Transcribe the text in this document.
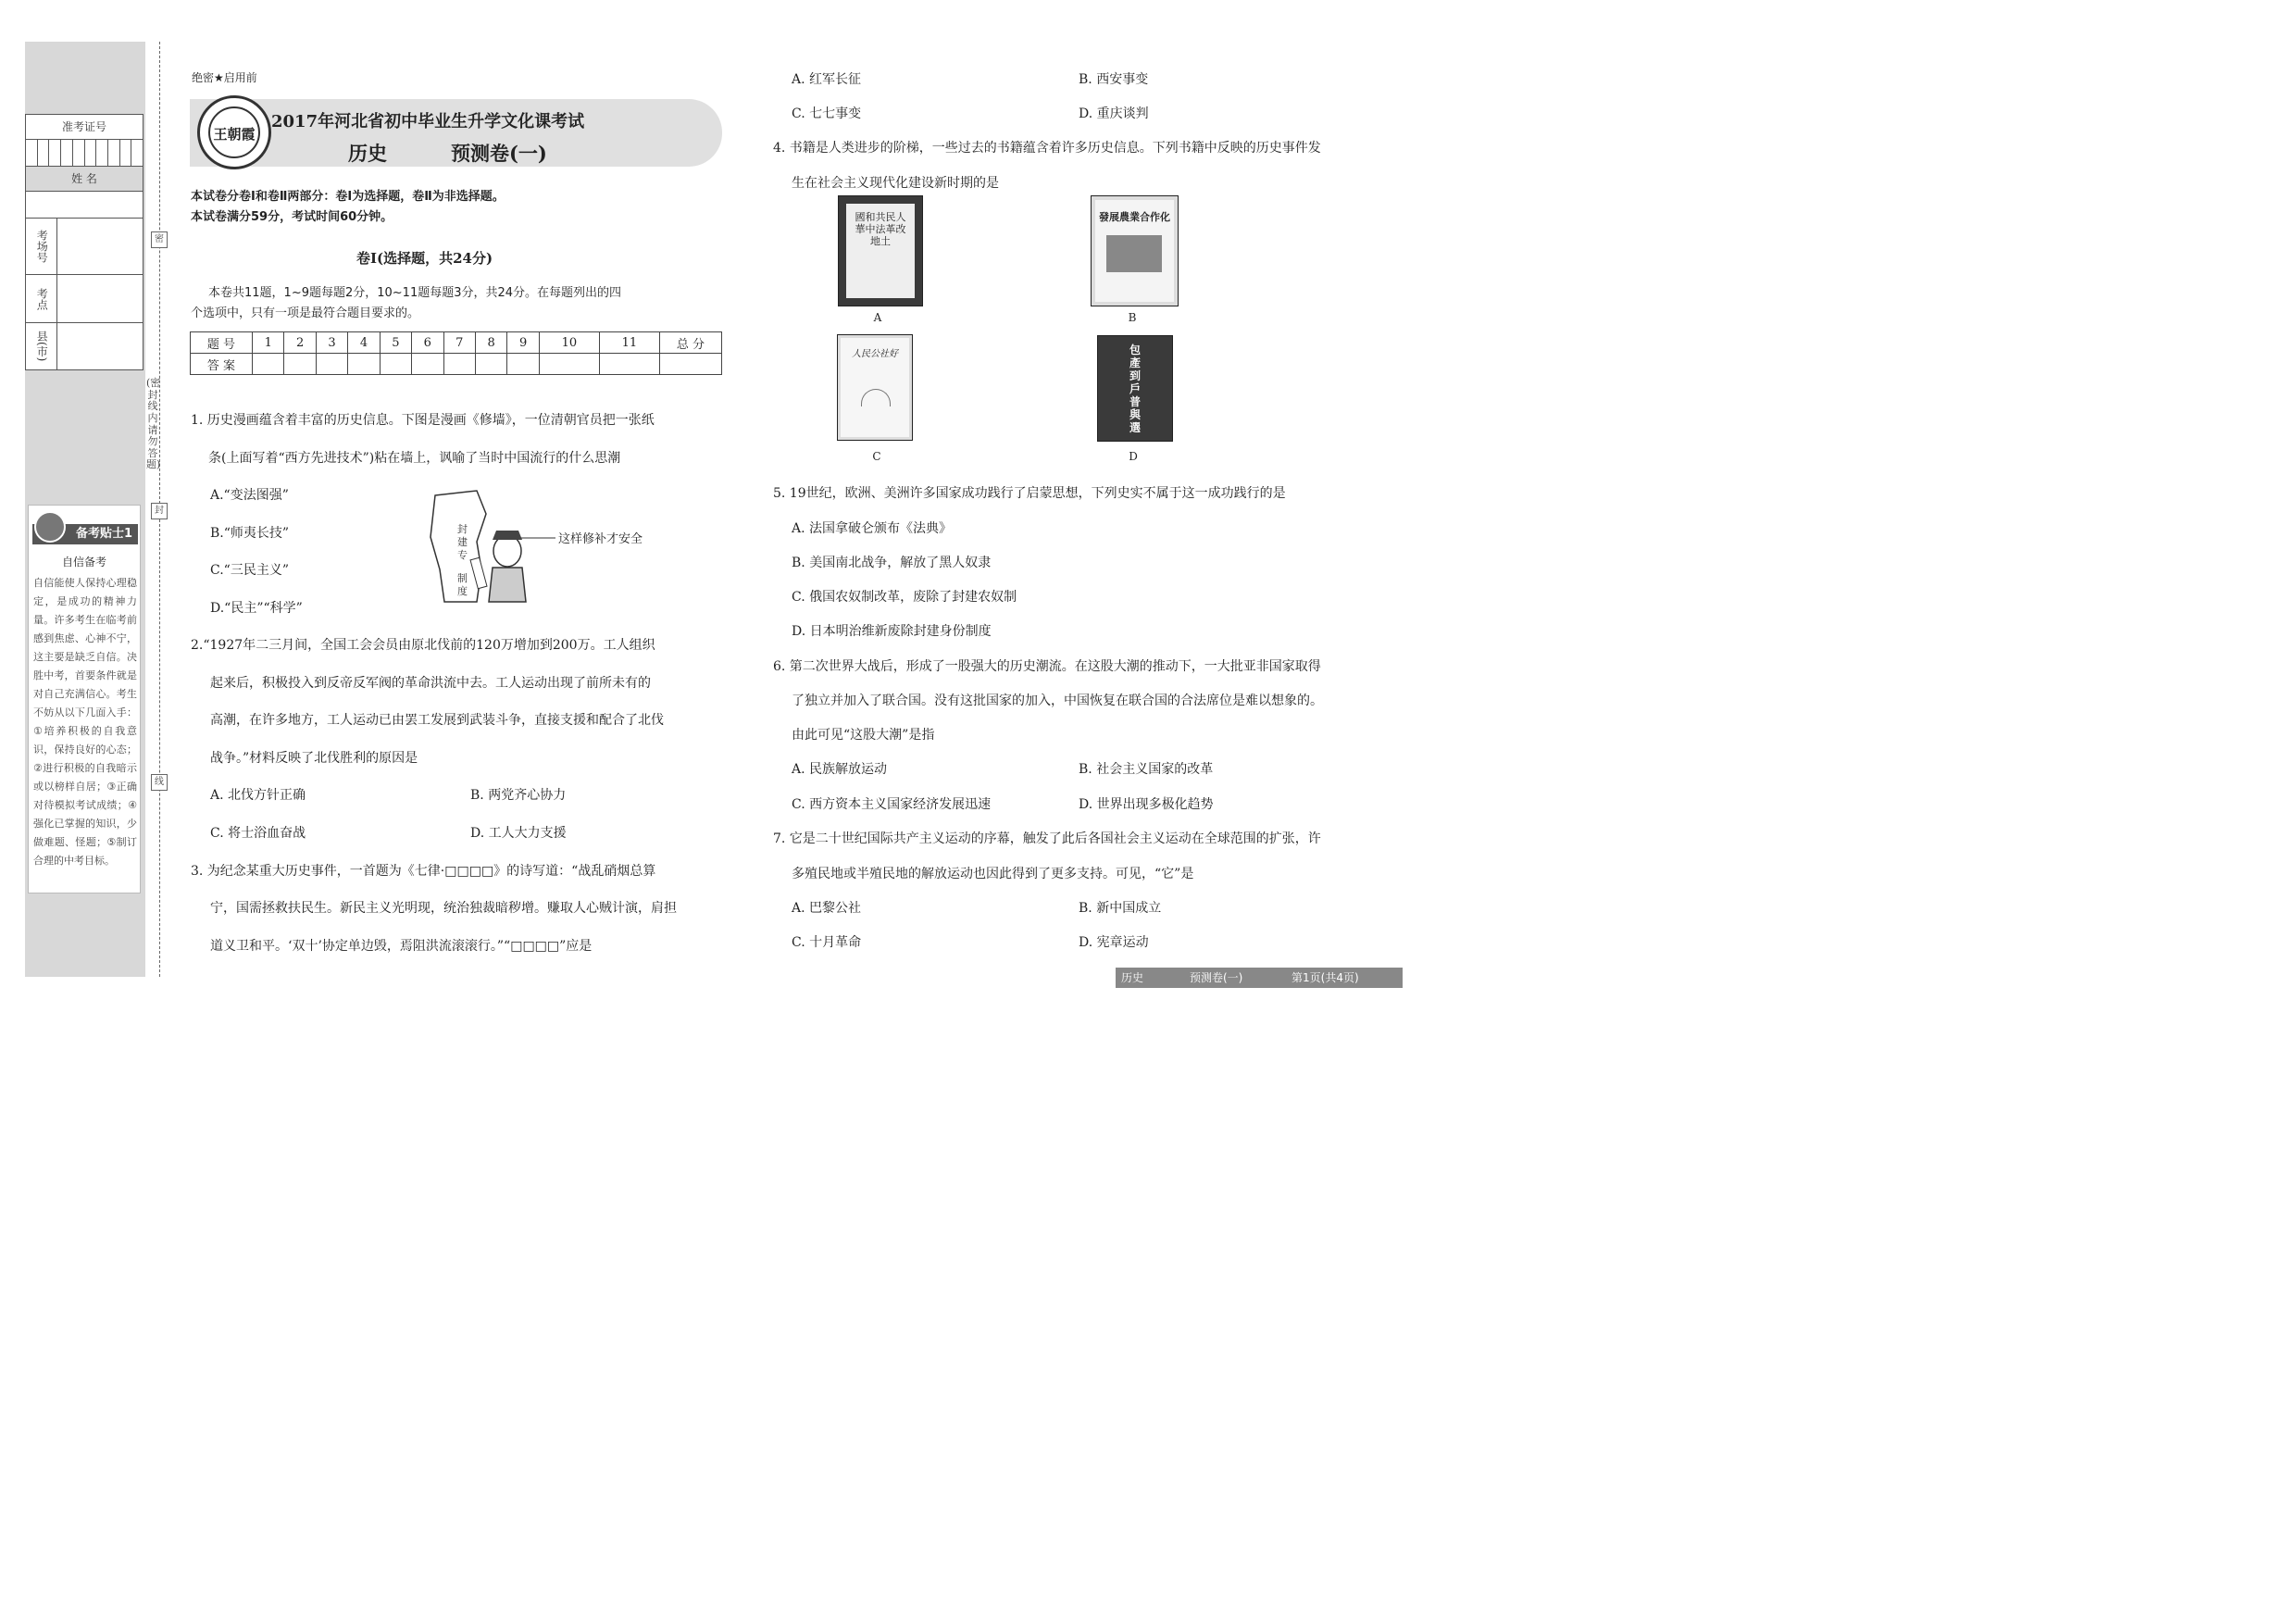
准考证号
姓 名
考场号
考点
县(市)
密
封
线
(密封线内请勿答题)
备考贴士1
自信备考
自信能使人保持心理稳定，是成功的精神力量。许多考生在临考前感到焦虑、心神不宁，这主要是缺乏自信。决胜中考，首要条件就是对自己充满信心。考生不妨从以下几面入手：①培养积极的自我意识，保持良好的心态；②进行积极的自我暗示或以榜样自居；③正确对待模拟考试成绩；④强化已掌握的知识，少做难题、怪题；⑤制订合理的中考目标。
绝密★启用前
王朝霞
2017年河北省初中毕业生升学文化课考试
历史	预测卷(一)
本试卷分卷Ⅰ和卷Ⅱ两部分：卷Ⅰ为选择题，卷Ⅱ为非选择题。
本试卷满分59分，考试时间60分钟。
卷Ⅰ(选择题，共24分)
本卷共11题，1~9题每题2分，10~11题每题3分，共24分。在每题列出的四
个选项中，只有一项是最符合题目要求的。
题 号	1	2	3	4	5	6	7	8	9	10	11	总 分
答 案												
1. 历史漫画蕴含着丰富的历史信息。下图是漫画《修墙》，一位清朝官员把一张纸
条(上面写着“西方先进技术”)粘在墙上，讽喻了当时中国流行的什么思潮
A.“变法图强”
B.“师夷长技”
C.“三民主义”
D.“民主”“科学”
封
建
专
制
度
这样修补才安全
2.“1927年二三月间，全国工会会员由原北伐前的120万增加到200万。工人组织
起来后，积极投入到反帝反军阀的革命洪流中去。工人运动出现了前所未有的
高潮，在许多地方，工人运动已由罢工发展到武装斗争，直接支援和配合了北伐
战争。”材料反映了北伐胜利的原因是
A. 北伐方针正确	B. 两党齐心协力
C. 将士浴血奋战	D. 工人大力支援
3. 为纪念某重大历史事件，一首题为《七律·□□□□》的诗写道：“战乱硝烟总算
宁，国需拯救扶民生。新民主义光明现，统治独裁暗秽增。赚取人心贼计演，肩担
道义卫和平。‘双十’协定单边毁，焉阻洪流滚滚行。”“□□□□”应是
A. 红军长征	B. 西安事变
C. 七七事变	D. 重庆谈判
4. 书籍是人类进步的阶梯，一些过去的书籍蕴含着许多历史信息。下列书籍中反映的历史事件发
生在社会主义现代化建设新时期的是
國和共民人華中法革改地土
A
發展農業合作化
B
人民公社好
C
包產到戶普與選
D
5. 19世纪，欧洲、美洲许多国家成功践行了启蒙思想，下列史实不属于这一成功践行的是
A. 法国拿破仑颁布《法典》
B. 美国南北战争，解放了黑人奴隶
C. 俄国农奴制改革，废除了封建农奴制
D. 日本明治维新废除封建身份制度
6. 第二次世界大战后，形成了一股强大的历史潮流。在这股大潮的推动下，一大批亚非国家取得
了独立并加入了联合国。没有这批国家的加入，中国恢复在联合国的合法席位是难以想象的。
由此可见“这股大潮”是指
A. 民族解放运动	B. 社会主义国家的改革
C. 西方资本主义国家经济发展迅速	D. 世界出现多极化趋势
7. 它是二十世纪国际共产主义运动的序幕，触发了此后各国社会主义运动在全球范围的扩张，许
多殖民地或半殖民地的解放运动也因此得到了更多支持。可见，“它”是
A. 巴黎公社	B. 新中国成立
C. 十月革命	D. 宪章运动
历史	预测卷(一)	第1页(共4页)
